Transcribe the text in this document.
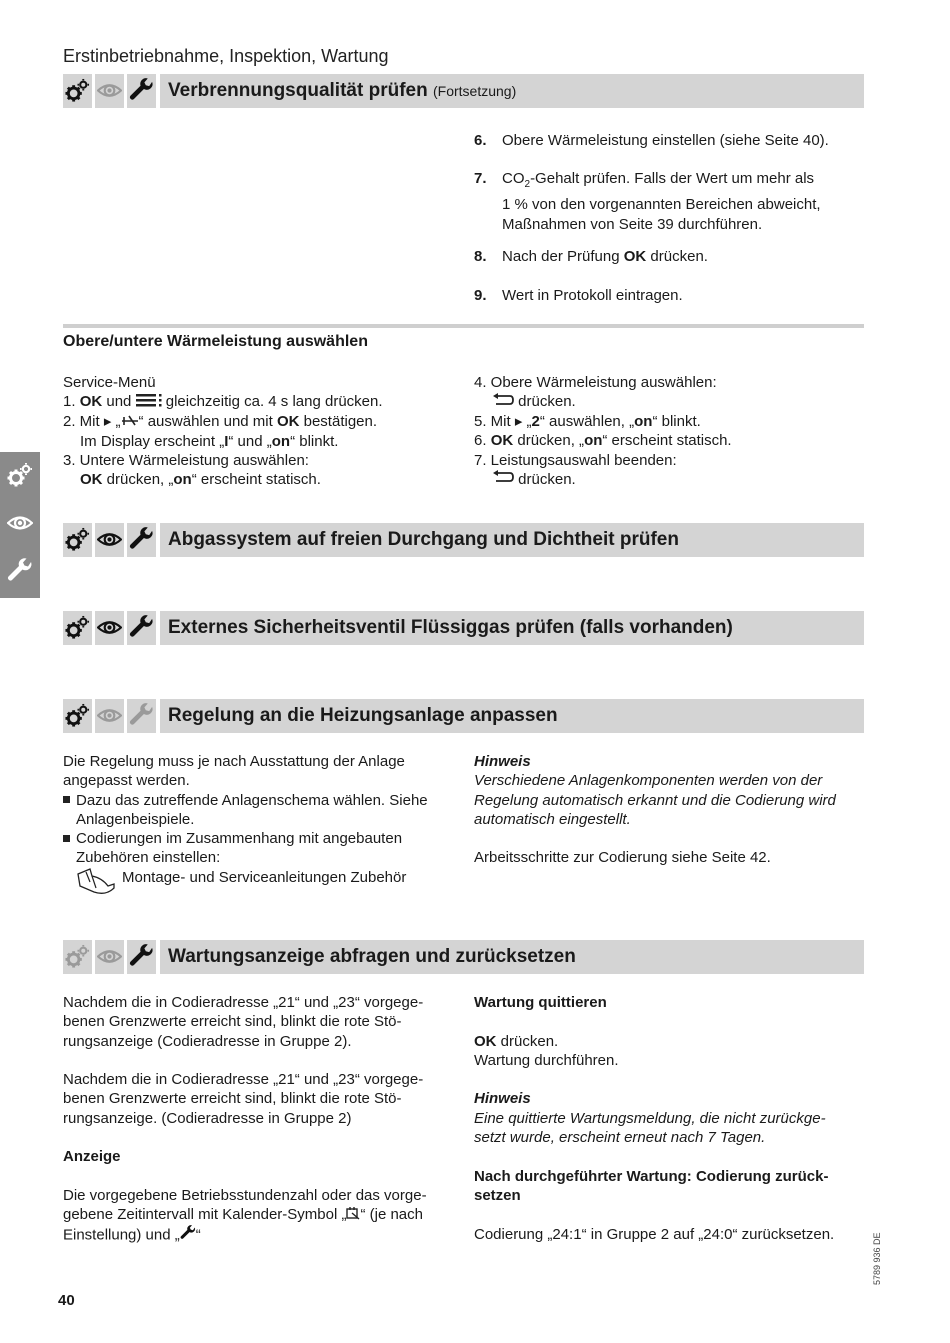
Erstinbetriebnahme, Inspektion, Wartung
Verbrennungsqualität prüfen (Fortsetzung)
6. Obere Wärmeleistung einstellen (siehe Seite 40).
7. $CO_2$-Gehalt prüfen. Falls der Wert um mehr als
1 % von den vorgenannten Bereichen abweicht,
Maßnahmen von Seite 39 durchführen.
8. Nach der Prüfung OK drücken.
9. Wert in Protokoll eintragen.
Obere/untere Wärmeleistung auswählen
Service-Menü
1. OK und  gleichzeitig ca. 4 s lang drücken.
2. Mit ▸ „ “ auswählen und mit OK bestätigen.
Im Display erscheint „I“ und „on“ blinkt.
3. Untere Wärmeleistung auswählen:
OK drücken, „on“ erscheint statisch.
4. Obere Wärmeleistung auswählen:
drücken.
5. Mit ▸ „2“ auswählen, „on“ blinkt.
6. OK drücken, „on“ erscheint statisch.
7. Leistungsauswahl beenden:
drücken.
Abgassystem auf freien Durchgang und Dichtheit prüfen
Externes Sicherheitsventil Flüssiggas prüfen (falls vorhanden)
Regelung an die Heizungsanlage anpassen
Die Regelung muss je nach Ausstattung der Anlage
angepasst werden.
Dazu das zutreffende Anlagenschema wählen. Siehe
Anlagenbeispiele.
Codierungen im Zusammenhang mit angebauten
Zubehören einstellen:
Montage- und Serviceanleitungen Zubehör
Hinweis
Verschiedene Anlagenkomponenten werden von der
Regelung automatisch erkannt und die Codierung wird
automatisch eingestellt.

Arbeitsschritte zur Codierung siehe Seite 42.
Wartungsanzeige abfragen und zurücksetzen
Nachdem die in Codieradresse „21“ und „23“ vorgege-
benen Grenzwerte erreicht sind, blinkt die rote Stö-
rungsanzeige (Codieradresse in Gruppe 2).

Nachdem die in Codieradresse „21“ und „23“ vorgege-
benen Grenzwerte erreicht sind, blinkt die rote Stö-
rungsanzeige. (Codieradresse in Gruppe 2)

Anzeige

Die vorgegebene Betriebsstundenzahl oder das vorge-
gebene Zeitintervall mit Kalender-Symbol „ “ (je nach
Einstellung) und „ “
Wartung quittieren

OK drücken.
Wartung durchführen.

Hinweis
Eine quittierte Wartungsmeldung, die nicht zurückge-
setzt wurde, erscheint erneut nach 7 Tagen.

Nach durchgeführter Wartung: Codierung zurück-
setzen

Codierung „24:1“ in Gruppe 2 auf „24:0“ zurücksetzen.
40
5789 936 DE
